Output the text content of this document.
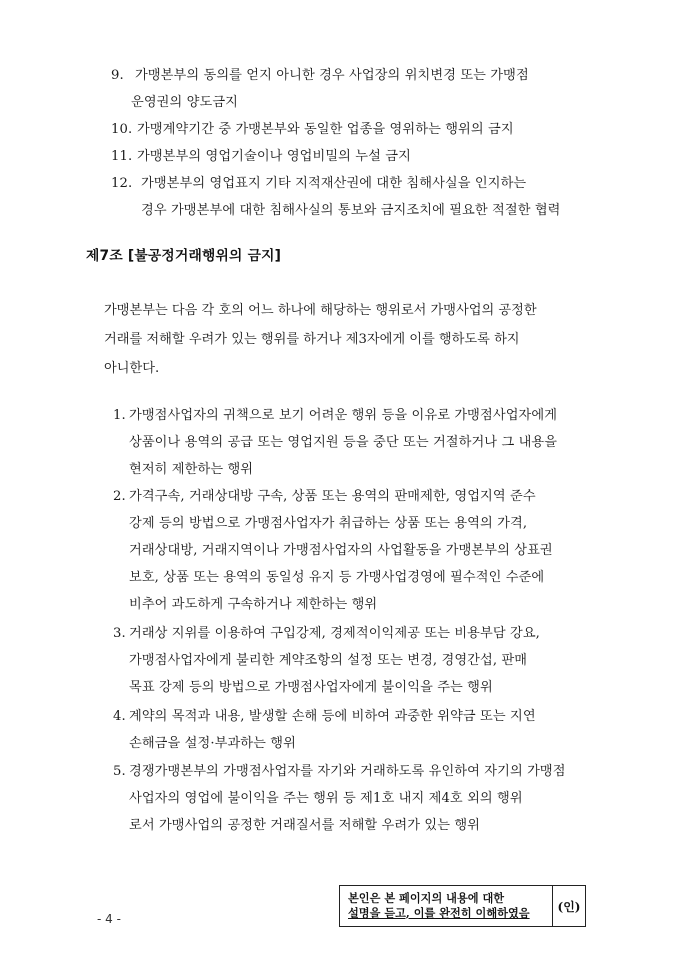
9. 가맹본부의 동의를 얻지 아니한 경우 사업장의 위치변경 또는 가맹점
운영권의 양도금지
10. 가맹계약기간 중 가맹본부와 동일한 업종을 영위하는 행위의 금지
11. 가맹본부의 영업기술이나 영업비밀의 누설 금지
12. 가맹본부의 영업표지 기타 지적재산권에 대한 침해사실을 인지하는
경우 가맹본부에 대한 침해사실의 통보와 금지조치에 필요한 적절한 협력
제7조 [불공정거래행위의 금지]
가맹본부는 다음 각 호의 어느 하나에 해당하는 행위로서 가맹사업의 공정한
거래를 저해할 우려가 있는 행위를 하거나 제3자에게 이를 행하도록 하지
아니한다.
1. 가맹점사업자의 귀책으로 보기 어려운 행위 등을 이유로 가맹점사업자에게
상품이나 용역의 공급 또는 영업지원 등을 중단 또는 거절하거나 그 내용을
현저히 제한하는 행위
2. 가격구속, 거래상대방 구속, 상품 또는 용역의 판매제한, 영업지역 준수
강제 등의 방법으로 가맹점사업자가 취급하는 상품 또는 용역의 가격,
거래상대방, 거래지역이나 가맹점사업자의 사업활동을 가맹본부의 상표권
보호, 상품 또는 용역의 동일성 유지 등 가맹사업경영에 필수적인 수준에
비추어 과도하게 구속하거나 제한하는 행위
3. 거래상 지위를 이용하여 구입강제, 경제적이익제공 또는 비용부담 강요,
가맹점사업자에게 불리한 계약조항의 설정 또는 변경, 경영간섭, 판매
목표 강제 등의 방법으로 가맹점사업자에게 불이익을 주는 행위
4. 계약의 목적과 내용, 발생할 손해 등에 비하여 과중한 위약금 또는 지연
손해금을 설정·부과하는 행위
5. 경쟁가맹본부의 가맹점사업자를 자기와 거래하도록 유인하여 자기의 가맹점
사업자의 영업에 불이익을 주는 행위 등 제1호 내지 제4호 외의 행위
로서 가맹사업의 공정한 거래질서를 저해할 우려가 있는 행위
본인은 본 페이지의 내용에 대한
설명을 듣고, 이를 완전히 이해하였음	(인)
- 4 -
